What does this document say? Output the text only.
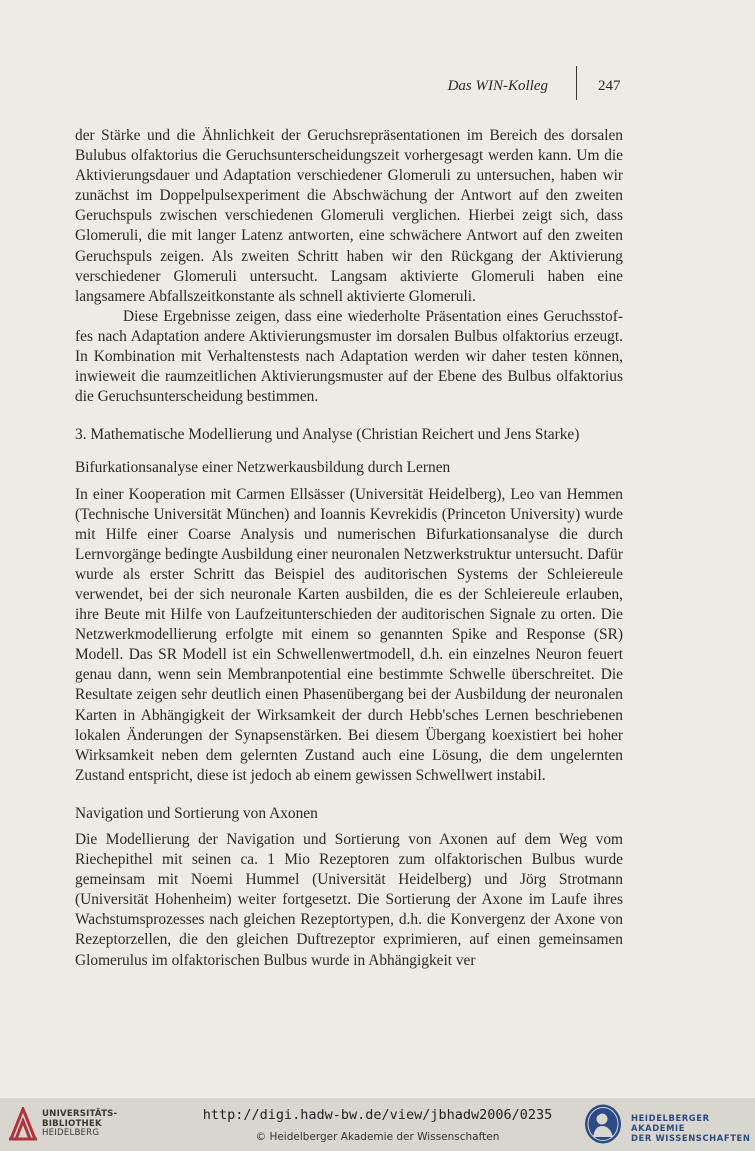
Das WIN-Kolleg	247

der Stärke und die Ähnlichkeit der Geruchsrepräsentationen im Bereich des dorsalen Bulubus olfaktorius die Geruchsunterscheidungszeit vorhergesagt werden kann. Um die Aktivierungsdauer und Adaptation verschiedener Glomeruli zu untersuchen, haben wir zunächst im Doppelpulsexperiment die Abschwächung der Antwort auf den zweiten Geruchspuls zwischen verschiedenen Glomeruli verglichen. Hierbei zeigt sich, dass Glomeruli, die mit langer Latenz antworten, eine schwächere Antwort auf den zweiten Geruchspuls zeigen. Als zweiten Schritt haben wir den Rückgang der Aktivierung verschiedener Glomeruli untersucht. Langsam aktivierte Glomeruli haben eine langsamere Abfallszeitkonstante als schnell aktivierte Glomeruli.

Diese Ergebnisse zeigen, dass eine wiederholte Präsentation eines Geruchsstoffes nach Adaptation andere Aktivierungsmuster im dorsalen Bulbus olfaktorius erzeugt. In Kombination mit Verhaltenstests nach Adaptation werden wir daher testen können, inwieweit die raumzeitlichen Aktivierungsmuster auf der Ebene des Bulbus olfaktorius die Geruchsunterscheidung bestimmen.

3. Mathematische Modellierung und Analyse (Christian Reichert und Jens Starke)
Bifurkationsanalyse einer Netzwerkausbildung durch Lernen

In einer Kooperation mit Carmen Ellsässer (Universität Heidelberg), Leo van Hemmen (Technische Universität München) and Ioannis Kevrekidis (Princeton University) wurde mit Hilfe einer Coarse Analysis und numerischen Bifurkationsanalyse die durch Lernvorgänge bedingte Ausbildung einer neuronalen Netzwerkstruktur untersucht. Dafür wurde als erster Schritt das Beispiel des auditorischen Systems der Schleiereule verwendet, bei der sich neuronale Karten ausbilden, die es der Schleiereule erlauben, ihre Beute mit Hilfe von Laufzeitunterschieden der auditorischen Signale zu orten. Die Netzwerkmodellierung erfolgte mit einem so genannten Spike and Response (SR) Modell. Das SR Modell ist ein Schwellenwertmodell, d.h. ein einzelnes Neuron feuert genau dann, wenn sein Membranpotential eine bestimmte Schwelle überschreitet. Die Resultate zeigen sehr deutlich einen Phasenübergang bei der Ausbildung der neuronalen Karten in Abhängigkeit der Wirksamkeit der durch Hebb'sches Lernen beschriebenen lokalen Änderungen der Synapsenstärken. Bei diesem Übergang koexistiert bei hoher Wirksamkeit neben dem gelernten Zustand auch eine Lösung, die dem ungelernten Zustand entspricht, diese ist jedoch ab einem gewissen Schwellwert instabil.

Navigation und Sortierung von Axonen

Die Modellierung der Navigation und Sortierung von Axonen auf dem Weg vom Riechepithel mit seinen ca. 1 Mio Rezeptoren zum olfaktorischen Bulbus wurde gemeinsam mit Noemi Hummel (Universität Heidelberg) und Jörg Strotmann (Universität Hohenheim) weiter fortgesetzt. Die Sortierung der Axone im Laufe ihres Wachstumsprozesses nach gleichen Rezeptortypen, d.h. die Konvergenz der Axone von Rezeptorzellen, die den gleichen Duftrezeptor exprimieren, auf einen gemeinsamen Glomerulus im olfaktorischen Bulbus wurde in Abhängigkeit ver

UNIVERSITÄTS-
BIBLIOTHEK
HEIDELBERG
http://digi.hadw-bw.de/view/jbhadw2006/0235
© Heidelberger Akademie der Wissenschaften
HEIDELBERGER AKADEMIE
DER WISSENSCHAFTEN
